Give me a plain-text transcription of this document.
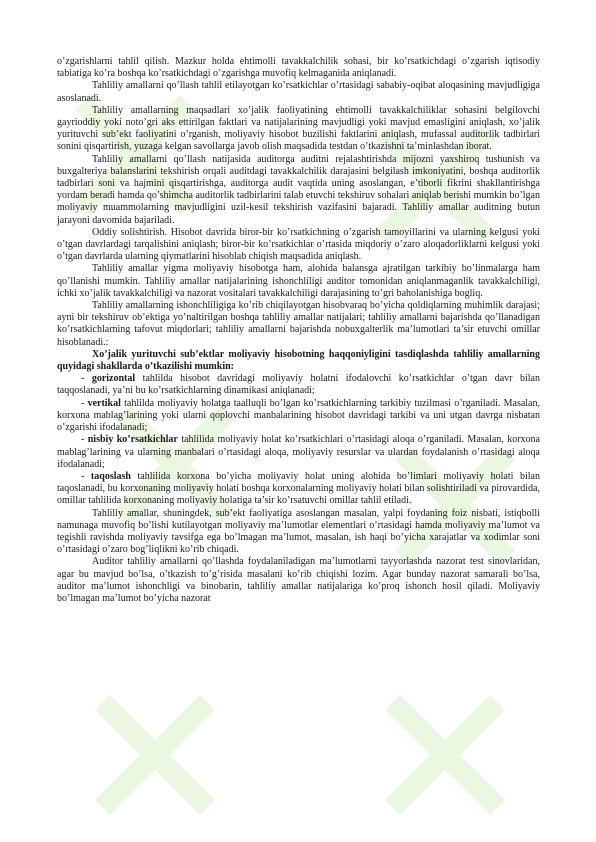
o’zgarishlarni tahlil qilish. Mazkur holda ehtimolli tavakkalchilik sohasi, bir ko’rsatkichdagi o’zgarish iqtisodiy tabiatiga ko’ra boshqa ko’rsatkichdagi o’zgarishga muvofiq kelmaganida aniqlanadi.

Tahliliy amallarni qo’llash tahlil etilayotgan ko’rsatkichlar o’rtasidagi sababiy-oqibat aloqasining mavjudligiga asoslanadi.

Tahliliy amallarning maqsadlari xo’jalik faoliyatining ehtimolli tavakkalchiliklar sohasini belgilovchi gayrioddiy yoki noto’gri aks ettirilgan faktlari va natijalarining mavjudligi yoki mavjud emasligini aniqlash, xo’jalik yurituvchi sub’ekt faoliyatini o’rganish, moliyaviy hisobot buzilishi faktlarini aniqlash, mufassal auditorlik tadbirlari sonini qisqartirish, yuzaga kelgan savollarga javob olish maqsadida testdan o’tkazishni ta’minlashdan iborat.

Tahliliy amallarni qo’llash natijasida auditorga auditni rejalashtirishda mijozni yaxshiroq tushunish va buxgalteriya balanslarini tekshirish orqali auditdagi tavakkalchilik darajasini belgilash imkoniyatini, boshqa auditorlik tadbirlari soni va hajmini qisqartirishga, auditorga audit vaqtida uning asoslangan, e’tiborli fikrini shakllantirishga yordam beradi hamda qo’shimcha auditorlik tadbirlarini talab etuvchi tekshiruv sohalari aniqlab berishi mumkin bo’lgan moliyaviy muammolarning mavjudligini uzil-kesil tekshirish vazifasini bajaradi. Tahliliy amallar auditning butun jarayoni davomida bajariladi.

Oddiy solishtirish. Hisobot davrida biror-bir ko’rsatkichning o’zgarish tamoyillarini va ularning kelgusi yoki o’tgan davrlardagi tarqalishini aniqlash; biror-bir ko’rsatkichlar o’rtasida miqdoriy o’zaro aloqadorliklarni kelgusi yoki o’tgan davrlarda ularning qiymatlarini hisoblab chiqish maqsadida aniqlash.

Tahliliy amallar yigma moliyaviy hisobotga ham, alohida balansga ajratilgan tarkibiy bo’linmalarga ham qo’llanishi mumkin. Tahliliy amallar natijalarining ishonchliligi auditor tomonidan aniqlanmaganlik tavakkalchiligi, ichki xo’jalik tavakkalchiligi va nazorat vositalari tavakkalchiligi darajasining to’gri baholanishiga bogliq.

Tahliliy amallarning ishonchliligiga ko’rib chiqilayotgan hisobvaraq bo’yicha qoldiqlarning muhimlik darajasi; ayni bir tekshiruv ob’ektiga yo’naltirilgan boshqa tahliliy amallar natijalari; tahliliy amallarni bajarishda qo’llanadigan ko’rsatkichlarning tafovut miqdorlari; tahliliy amallarni bajarishda nobuxgalterlik ma’lumotlari ta’sir etuvchi omillar hisoblanadi.:

Xo’jalik yurituvchi sub’ektlar moliyaviy hisobotning haqqoniyligini tasdiqlashda tahliliy amallarning quyidagi shakllarda o’tkazilishi mumkin:

- gorizontal tahlilda hisobot davridagi moliyaviy holatni ifodalovchi ko’rsatkichlar o’tgan davr bilan taqqoslanadi, ya’ni bu ko’rsatkichlarning dinamikasi aniqlanadi;

- vertikal tahlilda moliyaviy holatga taalluqli bo’lgan ko’rsatkichlarning tarkibiy tuzilmasi o’rganiladi. Masalan, korxona mablag’larining yoki ularni qoplovchi manbalarining hisobot davridagi tarkibi va uni utgan davrga nisbatan o’zgarishi ifodalanadi;

- nisbiy ko’rsatkichlar tahlilida moliyaviy holat ko’rsatkichlari o’rtasidagi aloqa o’rganiladi. Masalan, korxona mablag’larining va ularning manbalari o’rtasidagi aloqa, moliyaviy resurslar va ulardan foydalanish o’rtasidagi aloqa ifodalanadi;

- taqoslash tahlilida korxona bo’yicha moliyaviy holat uning alohida bo’limlari moliyaviy holati bilan taqoslanadi, bu korxonaning moliyaviy holati boshqa korxonalarning moliyaviy holati bilan solishtiriladi va pirovardida, omillar tahlilida korxonaning moliyaviy holatiga ta’sir ko’rsatuvchi omillar tahlil etiladi.

Tahliliy amallar, shuningdek, sub’ekt faoliyatiga asoslangan masalan, yalpi foydaning foiz nisbati, istiqbolli namunaga muvofiq bo’lishi kutilayotgan moliyaviy ma’lumotlar elementlari o’rtasidagi hamda moliyaviy ma’lumot va tegishli ravishda moliyaviy tavsifga ega bo’lmagan ma’lumot, masalan, ish haqi bo’yicha xarajatlar va xodimlar soni o’rtasidagi o’zaro bog’liqlikni ko’rib chiqadi.

Auditor tahliliy amallarni qo’llashda foydalaniladigan ma’lumotlarni tayyorlashda nazorat test sinovlaridan, agar bu mavjud bo’lsa, o’tkazish to’g’risida masalani ko’rib chiqishi lozim. Agar bunday nazorat samarali bo’lsa, auditor ma’lumot ishonchligi va binobarin, tahliliy amallar natijalariga ko’proq ishonch hosil qiladi. Moliyaviy bo’lmagan ma’lumot bo’yicha nazorat
